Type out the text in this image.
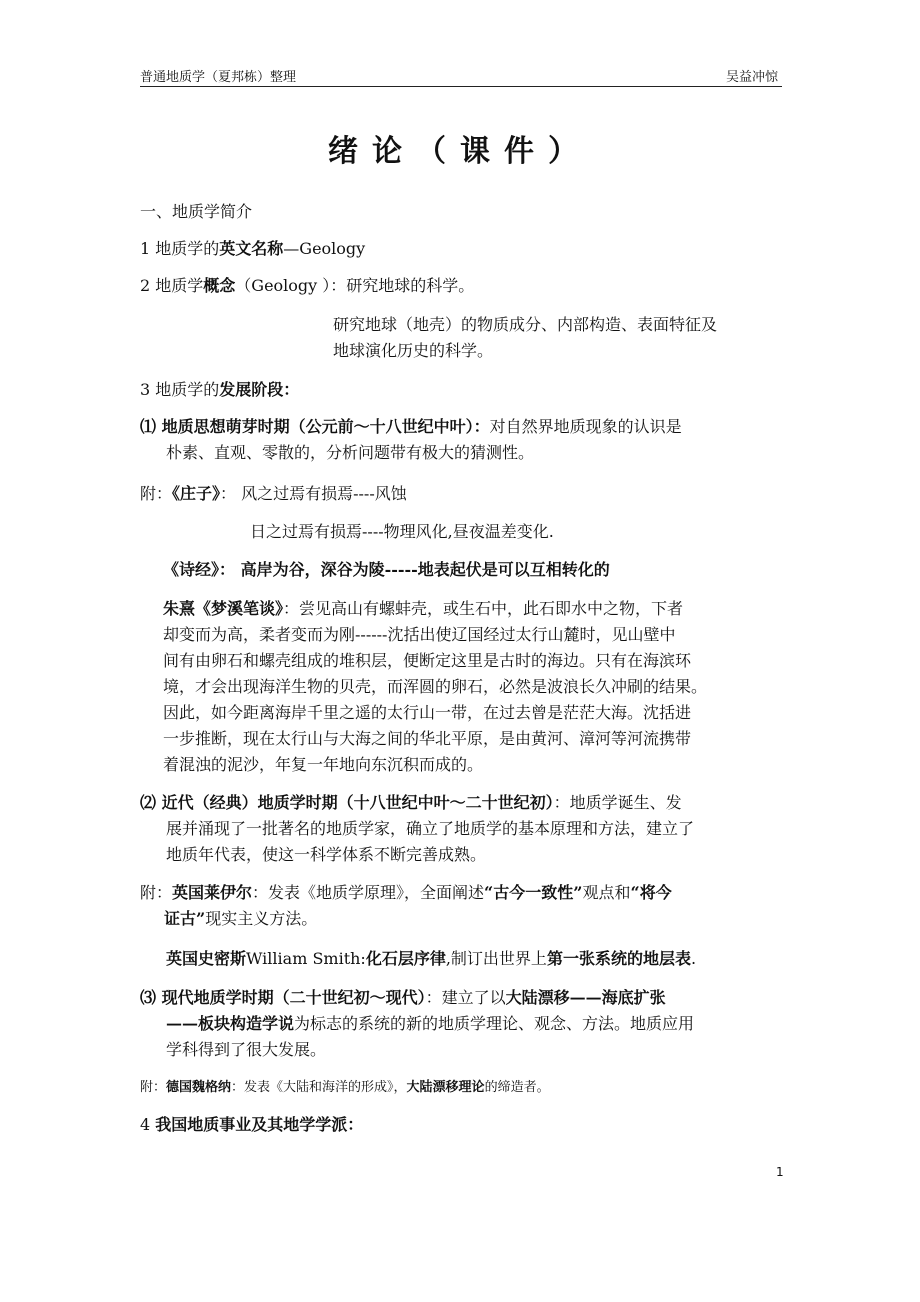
普通地质学（夏邦栋）整理	吴益冲惊
绪论（课件）
一、地质学简介
1 地质学的英文名称—Geology
2 地质学概念（Geology ）：研究地球的科学。
研究地球（地壳）的物质成分、内部构造、表面特征及
地球演化历史的科学。
3 地质学的发展阶段：
⑴ 地质思想萌芽时期（公元前～十八世纪中叶）：对自然界地质现象的认识是
朴素、直观、零散的，分析问题带有极大的猜测性。
附：《庄子》： 风之过焉有损焉----风蚀
日之过焉有损焉----物理风化,昼夜温差变化.
《诗经》： 高岸为谷，深谷为陵-----地表起伏是可以互相转化的
朱熹《梦溪笔谈》：尝见高山有螺蚌壳，或生石中，此石即水中之物，下者
却变而为高，柔者变而为刚------沈括出使辽国经过太行山麓时，见山壁中
间有由卵石和螺壳组成的堆积层，便断定这里是古时的海边。只有在海滨环
境，才会出现海洋生物的贝壳，而浑圆的卵石，必然是波浪长久冲刷的结果。
因此，如今距离海岸千里之遥的太行山一带，在过去曾是茫茫大海。沈括进
一步推断，现在太行山与大海之间的华北平原，是由黄河、漳河等河流携带
着混浊的泥沙，年复一年地向东沉积而成的。
⑵ 近代（经典）地质学时期（十八世纪中叶～二十世纪初）：地质学诞生、发
展并涌现了一批著名的地质学家，确立了地质学的基本原理和方法，建立了
地质年代表，使这一科学体系不断完善成熟。
附：英国莱伊尔：发表《地质学原理》，全面阐述“古今一致性”观点和“将今
证古”现实主义方法。
英国史密斯William Smith:化石层序律,制订出世界上第一张系统的地层表.
⑶ 现代地质学时期（二十世纪初～现代）：建立了以大陆漂移——海底扩张
——板块构造学说为标志的系统的新的地质学理论、观念、方法。地质应用
学科得到了很大发展。
附：德国魏格纳：发表《大陆和海洋的形成》，大陆漂移理论的缔造者。
4 我国地质事业及其地学学派：
1
